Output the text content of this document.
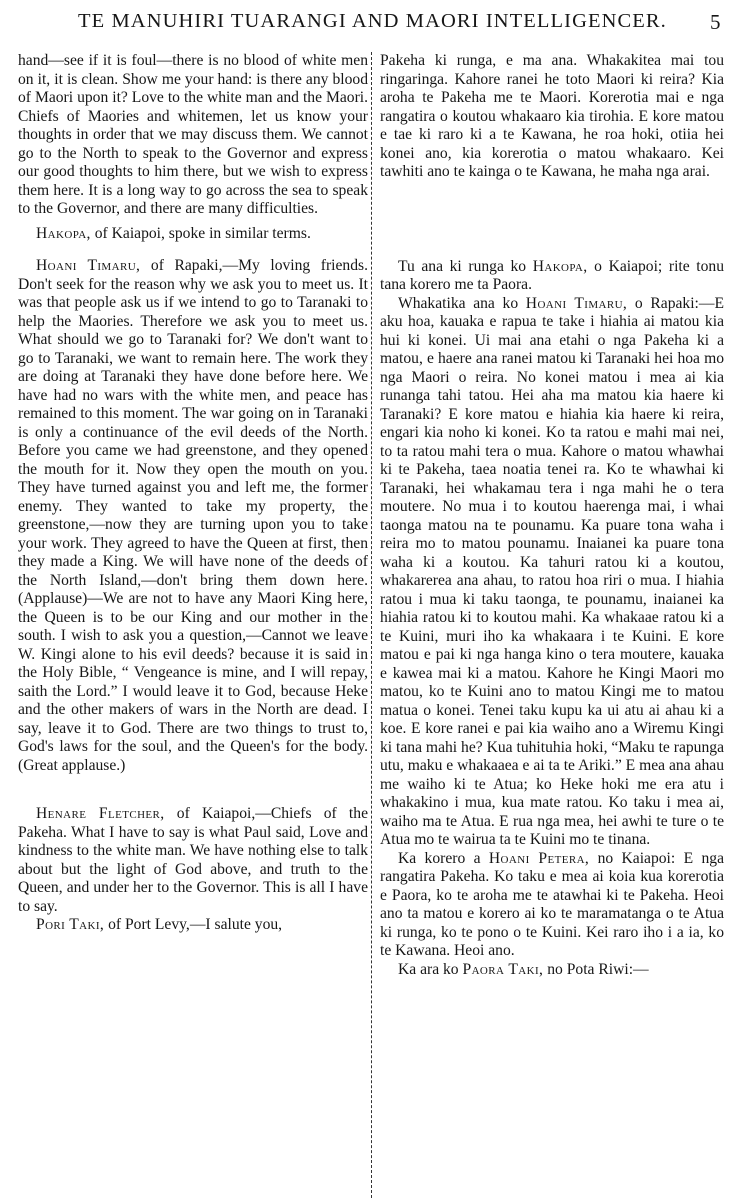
TE MANUHIRI TUARANGI AND MAORI INTELLIGENCER. 5

hand—see if it is foul—there is no blood of white men on it, it is clean. Show me your hand: is there any blood of Maori upon it? Love to the white man and the Maori. Chiefs of Maories and whitemen, let us know your thoughts in order that we may discuss them. We cannot go to the North to speak to the Governor and express our good thoughts to him there, but we wish to express them here. It is a long way to go across the sea to speak to the Governor, and there are many difficulties.

Hakopa, of Kaiapoi, spoke in similar terms.

Hoani Timaru, of Rapaki,—My loving friends. Don't seek for the reason why we ask you to meet us. It was that people ask us if we intend to go to Taranaki to help the Maories. Therefore we ask you to meet us. What should we go to Taranaki for? We don't want to go to Taranaki, we want to remain here. The work they are doing at Taranaki they have done before here. We have had no wars with the white men, and peace has remained to this moment. The war going on in Taranaki is only a continuance of the evil deeds of the North. Before you came we had greenstone, and they opened the mouth for it. Now they open the mouth on you. They have turned against you and left me, the former enemy. They wanted to take my property, the greenstone,—now they are turning upon you to take your work. They agreed to have the Queen at first, then they made a King. We will have none of the deeds of the North Island,—don't bring them down here. (Applause)—We are not to have any Maori King here, the Queen is to be our King and our mother in the south. I wish to ask you a question,—Cannot we leave W. Kingi alone to his evil deeds? because it is said in the Holy Bible, “ Vengeance is mine, and I will repay, saith the Lord.” I would leave it to God, because Heke and the other makers of wars in the North are dead. I say, leave it to God. There are two things to trust to, God's laws for the soul, and the Queen's for the body. (Great applause.)

Henare Fletcher, of Kaiapoi,—Chiefs of the Pakeha. What I have to say is what Paul said, Love and kindness to the white man. We have nothing else to talk about but the light of God above, and truth to the Queen, and under her to the Governor. This is all I have to say.

Pori Taki, of Port Levy,—I salute you,

Pakeha ki runga, e ma ana. Whakakitea mai tou ringaringa. Kahore ranei he toto Maori ki reira? Kia aroha te Pakeha me te Maori. Korerotia mai e nga rangatira o koutou whakaaro kia tirohia. E kore matou e tae ki raro ki a te Kawana, he roa hoki, otiia hei konei ano, kia korerotia o matou whakaaro. Kei tawhiti ano te kainga o te Kawana, he maha nga arai.

Tu ana ki runga ko Hakopa, o Kaiapoi; rite tonu tana korero me ta Paora.

Whakatika ana ko Hoani Timaru, o Rapaki:—E aku hoa, kauaka e rapua te take i hiahia ai matou kia hui ki konei. Ui mai ana etahi o nga Pakeha ki a matou, e haere ana ranei matou ki Taranaki hei hoa mo nga Maori o reira. No konei matou i mea ai kia runanga tahi tatou. Hei aha ma matou kia haere ki Taranaki? E kore matou e hiahia kia haere ki reira, engari kia noho ki konei. Ko ta ratou e mahi mai nei, to ta ratou mahi tera o mua. Kahore o matou whawhai ki te Pakeha, taea noatia tenei ra. Ko te whawhai ki Taranaki, hei whakamau tera i nga mahi he o tera moutere. No mua i to koutou haerenga mai, i whai taonga matou na te pounamu. Ka puare tona waha i reira mo to matou pounamu. Inaianei ka puare tona waha ki a koutou. Ka tahuri ratou ki a koutou, whakarerea ana ahau, to ratou hoa riri o mua. I hiahia ratou i mua ki taku taonga, te pounamu, inaianei ka hiahia ratou ki to koutou mahi. Ka whakaae ratou ki a te Kuini, muri iho ka whakaara i te Kuini. E kore matou e pai ki nga hanga kino o tera moutere, kauaka e kawea mai ki a matou. Kahore he Kingi Maori mo matou, ko te Kuini ano to matou Kingi me to matou matua o konei. Tenei taku kupu ka ui atu ai ahau ki a koe. E kore ranei e pai kia waiho ano a Wiremu Kingi ki tana mahi he? Kua tuhituhia hoki, “Maku te rapunga utu, maku e whakaaea e ai ta te Ariki.” E mea ana ahau me waiho ki te Atua; ko Heke hoki me era atu i whakakino i mua, kua mate ratou. Ko taku i mea ai, waiho ma te Atua. E rua nga mea, hei awhi te ture o te Atua mo te wairua ta te Kuini mo te tinana.

Ka korero a Hoani Petera, no Kaiapoi: E nga rangatira Pakeha. Ko taku e mea ai koia kua korerotia e Paora, ko te aroha me te atawhai ki te Pakeha. Heoi ano ta matou e korero ai ko te maramatanga o te Atua ki runga, ko te pono o te Kuini. Kei raro iho i a ia, ko te Kawana. Heoi ano.

Ka ara ko Paora Taki, no Pota Riwi:—
